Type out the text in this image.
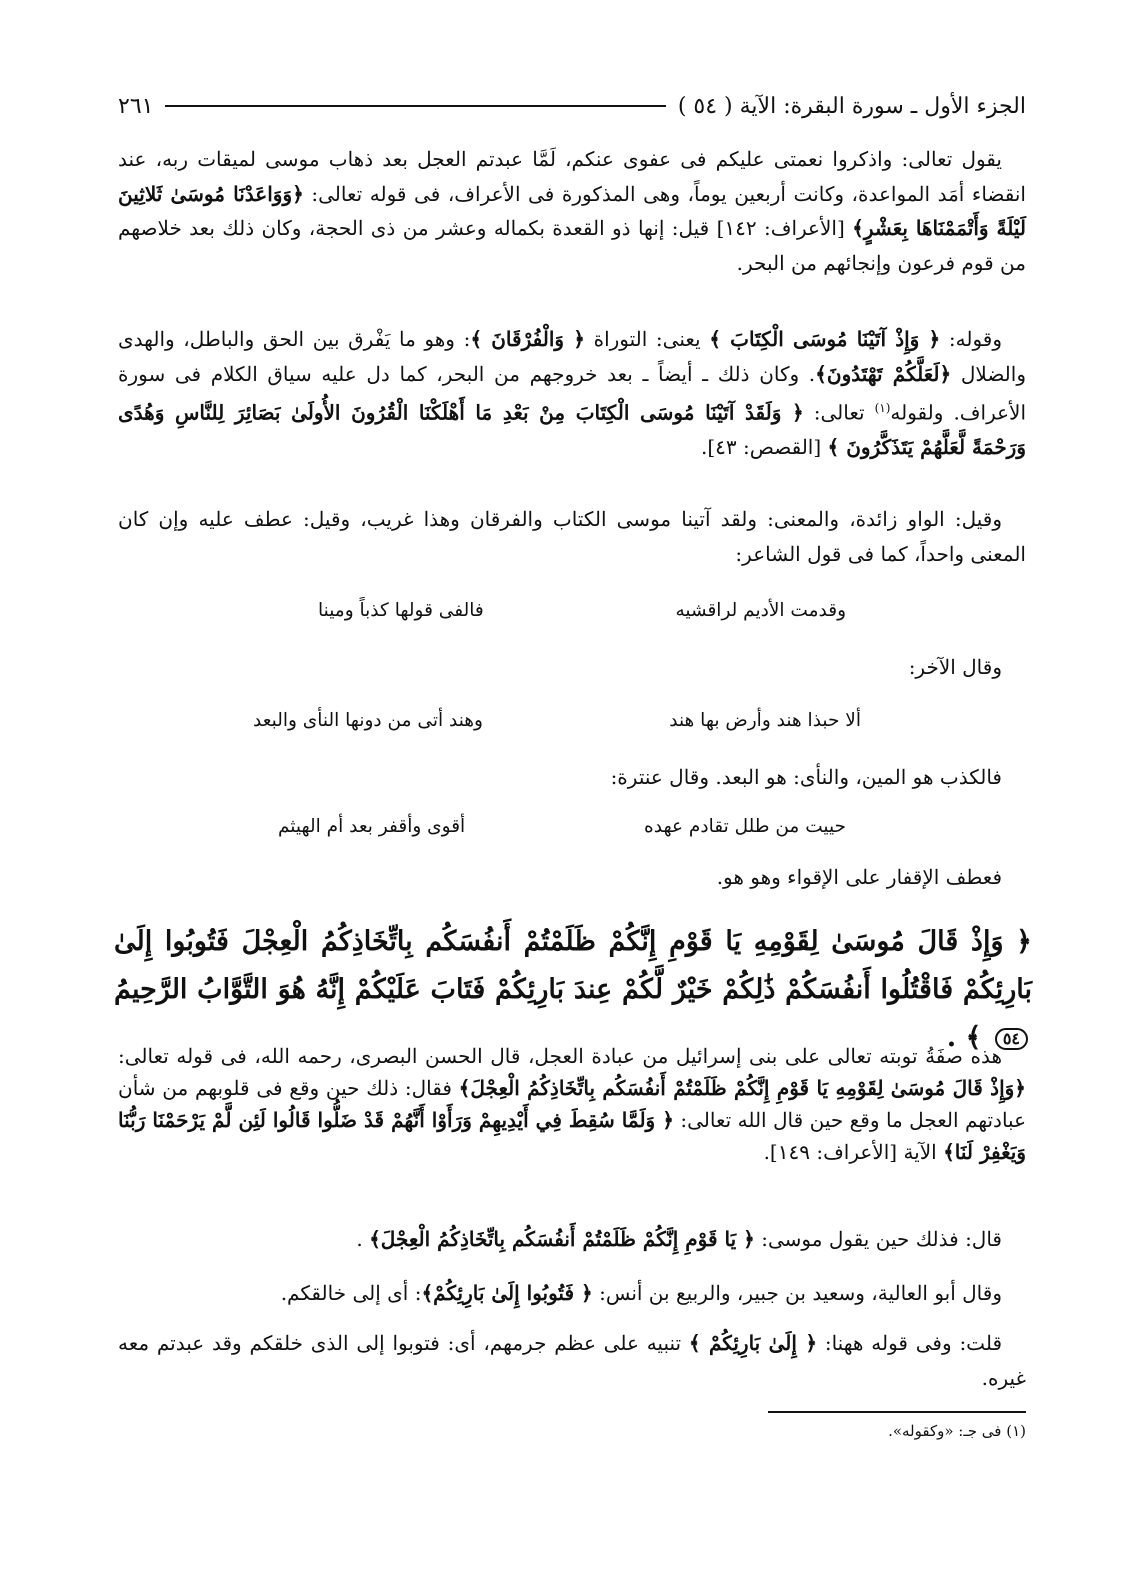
الجزء الأول ـ سورة البقرة: الآية ( ٥٤ )
٢٦١

يقول تعالى: واذكروا نعمتى عليكم فى عفوى عنكم، لَمَّا عبدتم العجل بعد ذهاب موسى لميقات ربه، عند انقضاء أمَد المواعدة، وكانت أربعين يوماً، وهى المذكورة فى الأعراف، فى قوله تعالى: ﴿وَوَاعَدْنَا مُوسَىٰ ثَلاثِينَ لَيْلَةً وَأَتْمَمْنَاهَا بِعَشْرٍ﴾ [الأعراف: ١٤٢] قيل: إنها ذو القعدة بكماله وعشر من ذى الحجة، وكان ذلك بعد خلاصهم من قوم فرعون وإنجائهم من البحر.

وقوله: ﴿ وَإِذْ آتَيْنَا مُوسَى الْكِتَابَ ﴾ يعنى: التوراة ﴿ وَالْفُرْقَانَ ﴾: وهو ما يَفْرق بين الحق والباطل، والهدى والضلال ﴿لَعَلَّكُمْ تَهْتَدُونَ﴾. وكان ذلك ـ أيضاً ـ بعد خروجهم من البحر، كما دل عليه سياق الكلام فى سورة الأعراف. ولقوله$^{(١)}$ تعالى: ﴿ وَلَقَدْ آتَيْنَا مُوسَى الْكِتَابَ مِنْ بَعْدِ مَا أَهْلَكْنَا الْقُرُونَ الأُولَىٰ بَصَائِرَ لِلنَّاسِ وَهُدًى وَرَحْمَةً لَّعَلَّهُمْ يَتَذَكَّرُونَ ﴾ [القصص: ٤٣].

وقيل: الواو زائدة، والمعنى: ولقد آتينا موسى الكتاب والفرقان وهذا غريب، وقيل: عطف عليه وإن كان المعنى واحداً، كما فى قول الشاعر:

وقدمت الأديم لراقشيه
فالفى قولها كذباً ومينا

وقال الآخر:

ألا حبذا هند وأرض بها هند
وهند أتى من دونها النأى والبعد

فالكذب هو المين، والنأى: هو البعد. وقال عنترة:

حييت من طلل تقادم عهده
أقوى وأقفر بعد أم الهيثم

فعطف الإقفار على الإقواء وهو هو.

﴿ وَإِذْ قَالَ مُوسَىٰ لِقَوْمِهِ يَا قَوْمِ إِنَّكُمْ ظَلَمْتُمْ أَنفُسَكُم بِاتِّخَاذِكُمُ الْعِجْلَ فَتُوبُوا إِلَىٰ بَارِئِكُمْ فَاقْتُلُوا أَنفُسَكُمْ ذَٰلِكُمْ خَيْرٌ لَّكُمْ عِندَ بَارِئِكُمْ فَتَابَ عَلَيْكُمْ إِنَّهُ هُوَ التَّوَّابُ الرَّحِيمُ ٥٤ ﴾ .

هذه صفَةُ توبته تعالى على بنى إسرائيل من عبادة العجل، قال الحسن البصرى، رحمه الله، فى قوله تعالى: ﴿وَإِذْ قَالَ مُوسَىٰ لِقَوْمِهِ يَا قَوْمِ إِنَّكُمْ ظَلَمْتُمْ أَنفُسَكُم بِاتِّخَاذِكُمُ الْعِجْلَ﴾ فقال: ذلك حين وقع فى قلوبهم من شأن عبادتهم العجل ما وقع حين قال الله تعالى: ﴿ وَلَمَّا سُقِطَ فِي أَيْدِيهِمْ وَرَأَوْا أَنَّهُمْ قَدْ ضَلُّوا قَالُوا لَئِن لَّمْ يَرْحَمْنَا رَبُّنَا وَيَغْفِرْ لَنَا﴾ الآية [الأعراف: ١٤٩].

قال: فذلك حين يقول موسى: ﴿ يَا قَوْمِ إِنَّكُمْ ظَلَمْتُمْ أَنفُسَكُم بِاتِّخَاذِكُمُ الْعِجْلَ﴾ .

وقال أبو العالية، وسعيد بن جبير، والربيع بن أنس: ﴿ فَتُوبُوا إِلَىٰ بَارِئِكُمْ﴾: أى إلى خالقكم.

قلت: وفى قوله ههنا: ﴿ إِلَىٰ بَارِئِكُمْ ﴾ تنبيه على عظم جرمهم، أى: فتوبوا إلى الذى خلقكم وقد عبدتم معه غيره.

(١) فى جـ: «وكقوله».
